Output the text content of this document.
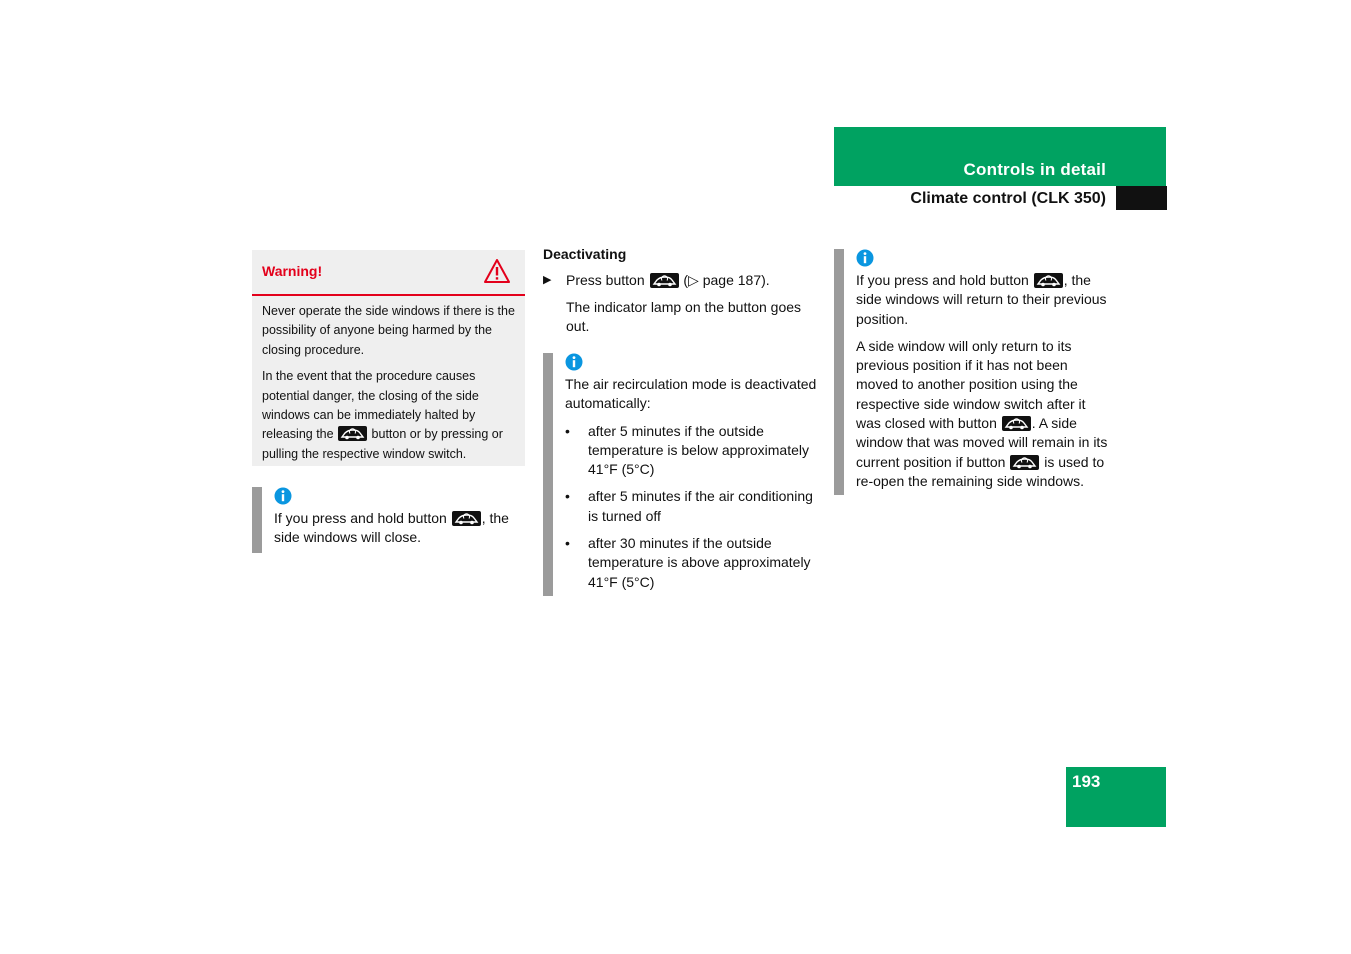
Controls in detail
Climate control (CLK 350)
Warning!

Never operate the side windows if there is the possibility of anyone being harmed by the closing procedure.

In the event that the procedure causes potential danger, the closing of the side windows can be immediately halted by releasing the	button or by pressing or pulling the respective window switch.

If you press and hold button , the side windows will close.

Deactivating
▶ Press button	(▷ page 187).

The indicator lamp on the button goes out.

The air recirculation mode is deactivated automatically:

• after 5 minutes if the outside temperature is below approximately 41°F (5°C)
• after 5 minutes if the air conditioning is turned off
• after 30 minutes if the outside temperature is above approximately 41°F (5°C)

If you press and hold button , the side windows will return to their previous position.

A side window will only return to its previous position if it has not been moved to another position using the respective side window switch after it was closed with button . A side window that was moved will remain in its current position if button	is used to re-open the remaining side windows.

193
